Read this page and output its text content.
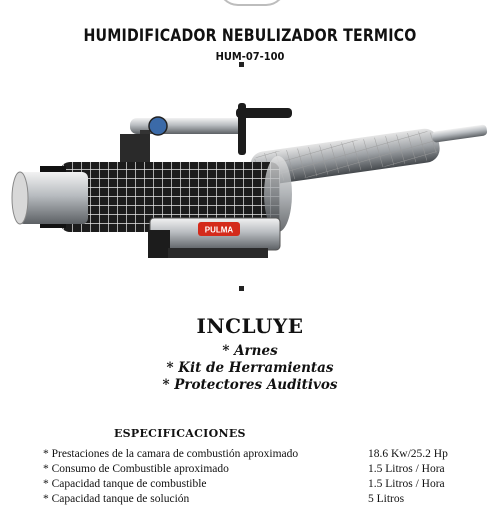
HUMIDIFICADOR NEBULIZADOR TERMICO
HUM-07-100
PULMA
INCLUYE
* Arnes
* Kit de Herramientas
* Protectores Auditivos
ESPECIFICACIONES
* Prestaciones de la camara de combustión aproximado	18.6 Kw/25.2 Hp
* Consumo de Combustible aproximado	1.5 Litros / Hora
* Capacidad tanque de combustible	1.5 Litros / Hora
* Capacidad tanque de solución	5 Litros
